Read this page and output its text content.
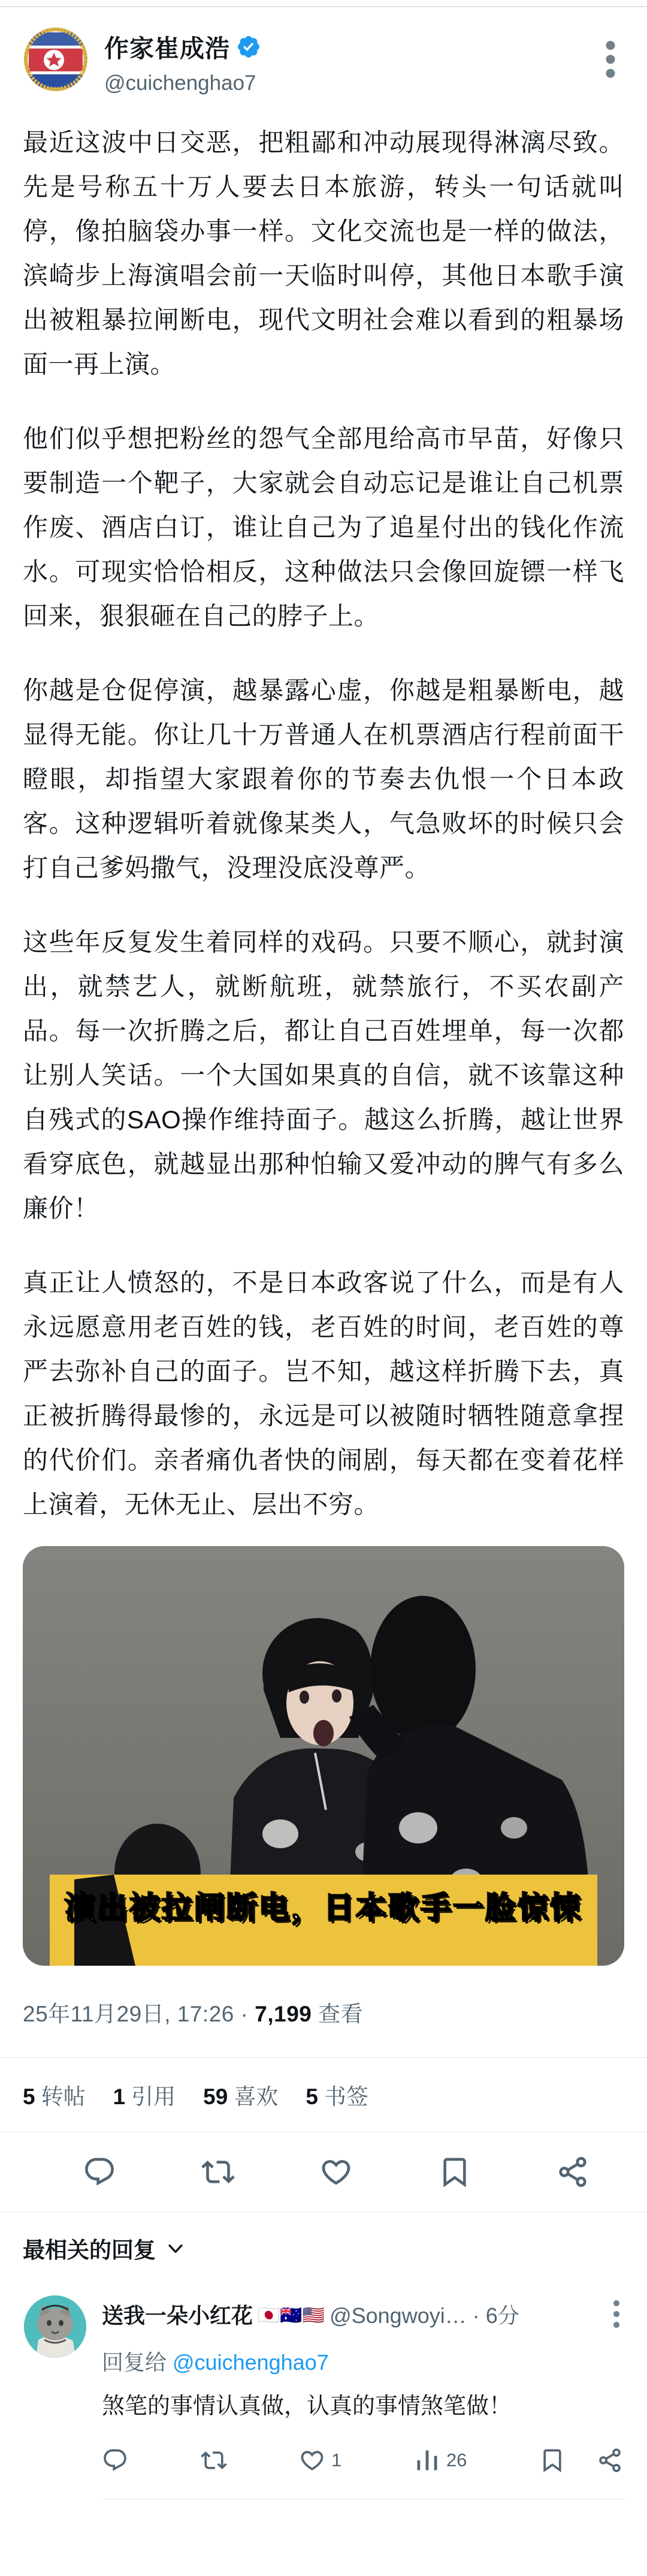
作家崔成浩
@cuichenghao7

最近这波中日交恶，把粗鄙和冲动展现得淋漓尽致。先是号称五十万人要去日本旅游，转头一句话就叫停，像拍脑袋办事一样。文化交流也是一样的做法，滨崎步上海演唱会前一天临时叫停，其他日本歌手演出被粗暴拉闸断电，现代文明社会难以看到的粗暴场面一再上演。

他们似乎想把粉丝的怨气全部甩给高市早苗，好像只要制造一个靶子，大家就会自动忘记是谁让自己机票作废、酒店白订，谁让自己为了追星付出的钱化作流水。可现实恰恰相反，这种做法只会像回旋镖一样飞回来，狠狠砸在自己的脖子上。

你越是仓促停演，越暴露心虚，你越是粗暴断电，越显得无能。你让几十万普通人在机票酒店行程前面干瞪眼，却指望大家跟着你的节奏去仇恨一个日本政客。这种逻辑听着就像某类人，气急败坏的时候只会打自己爹妈撒气，没理没底没尊严。

这些年反复发生着同样的戏码。只要不顺心，就封演出，就禁艺人，就断航班，就禁旅行，不买农副产品。每一次折腾之后，都让自己百姓埋单，每一次都让别人笑话。一个大国如果真的自信，就不该靠这种自残式的SAO操作维持面子。越这么折腾，越让世界看穿底色，就越显出那种怕输又爱冲动的脾气有多么廉价！

真正让人愤怒的，不是日本政客说了什么，而是有人永远愿意用老百姓的钱，老百姓的时间，老百姓的尊严去弥补自己的面子。岂不知，越这样折腾下去，真正被折腾得最惨的，永远是可以被随时牺牲随意拿捏的代价们。亲者痛仇者快的闹剧，每天都在变着花样上演着，无休无止、层出不穷。

演出被拉闸断电，日本歌手一脸惊悚
25年11月29日, 17:26 · 7,199 查看
5 转帖 1 引用 59 喜欢 5 书签
最相关的回复
送我一朵小红花 🇯🇵🇦🇺🇺🇸 @Songwoyi… · 6分
回复给 @cuichenghao7
煞笔的事情认真做，认真的事情煞笔做！
1	26
